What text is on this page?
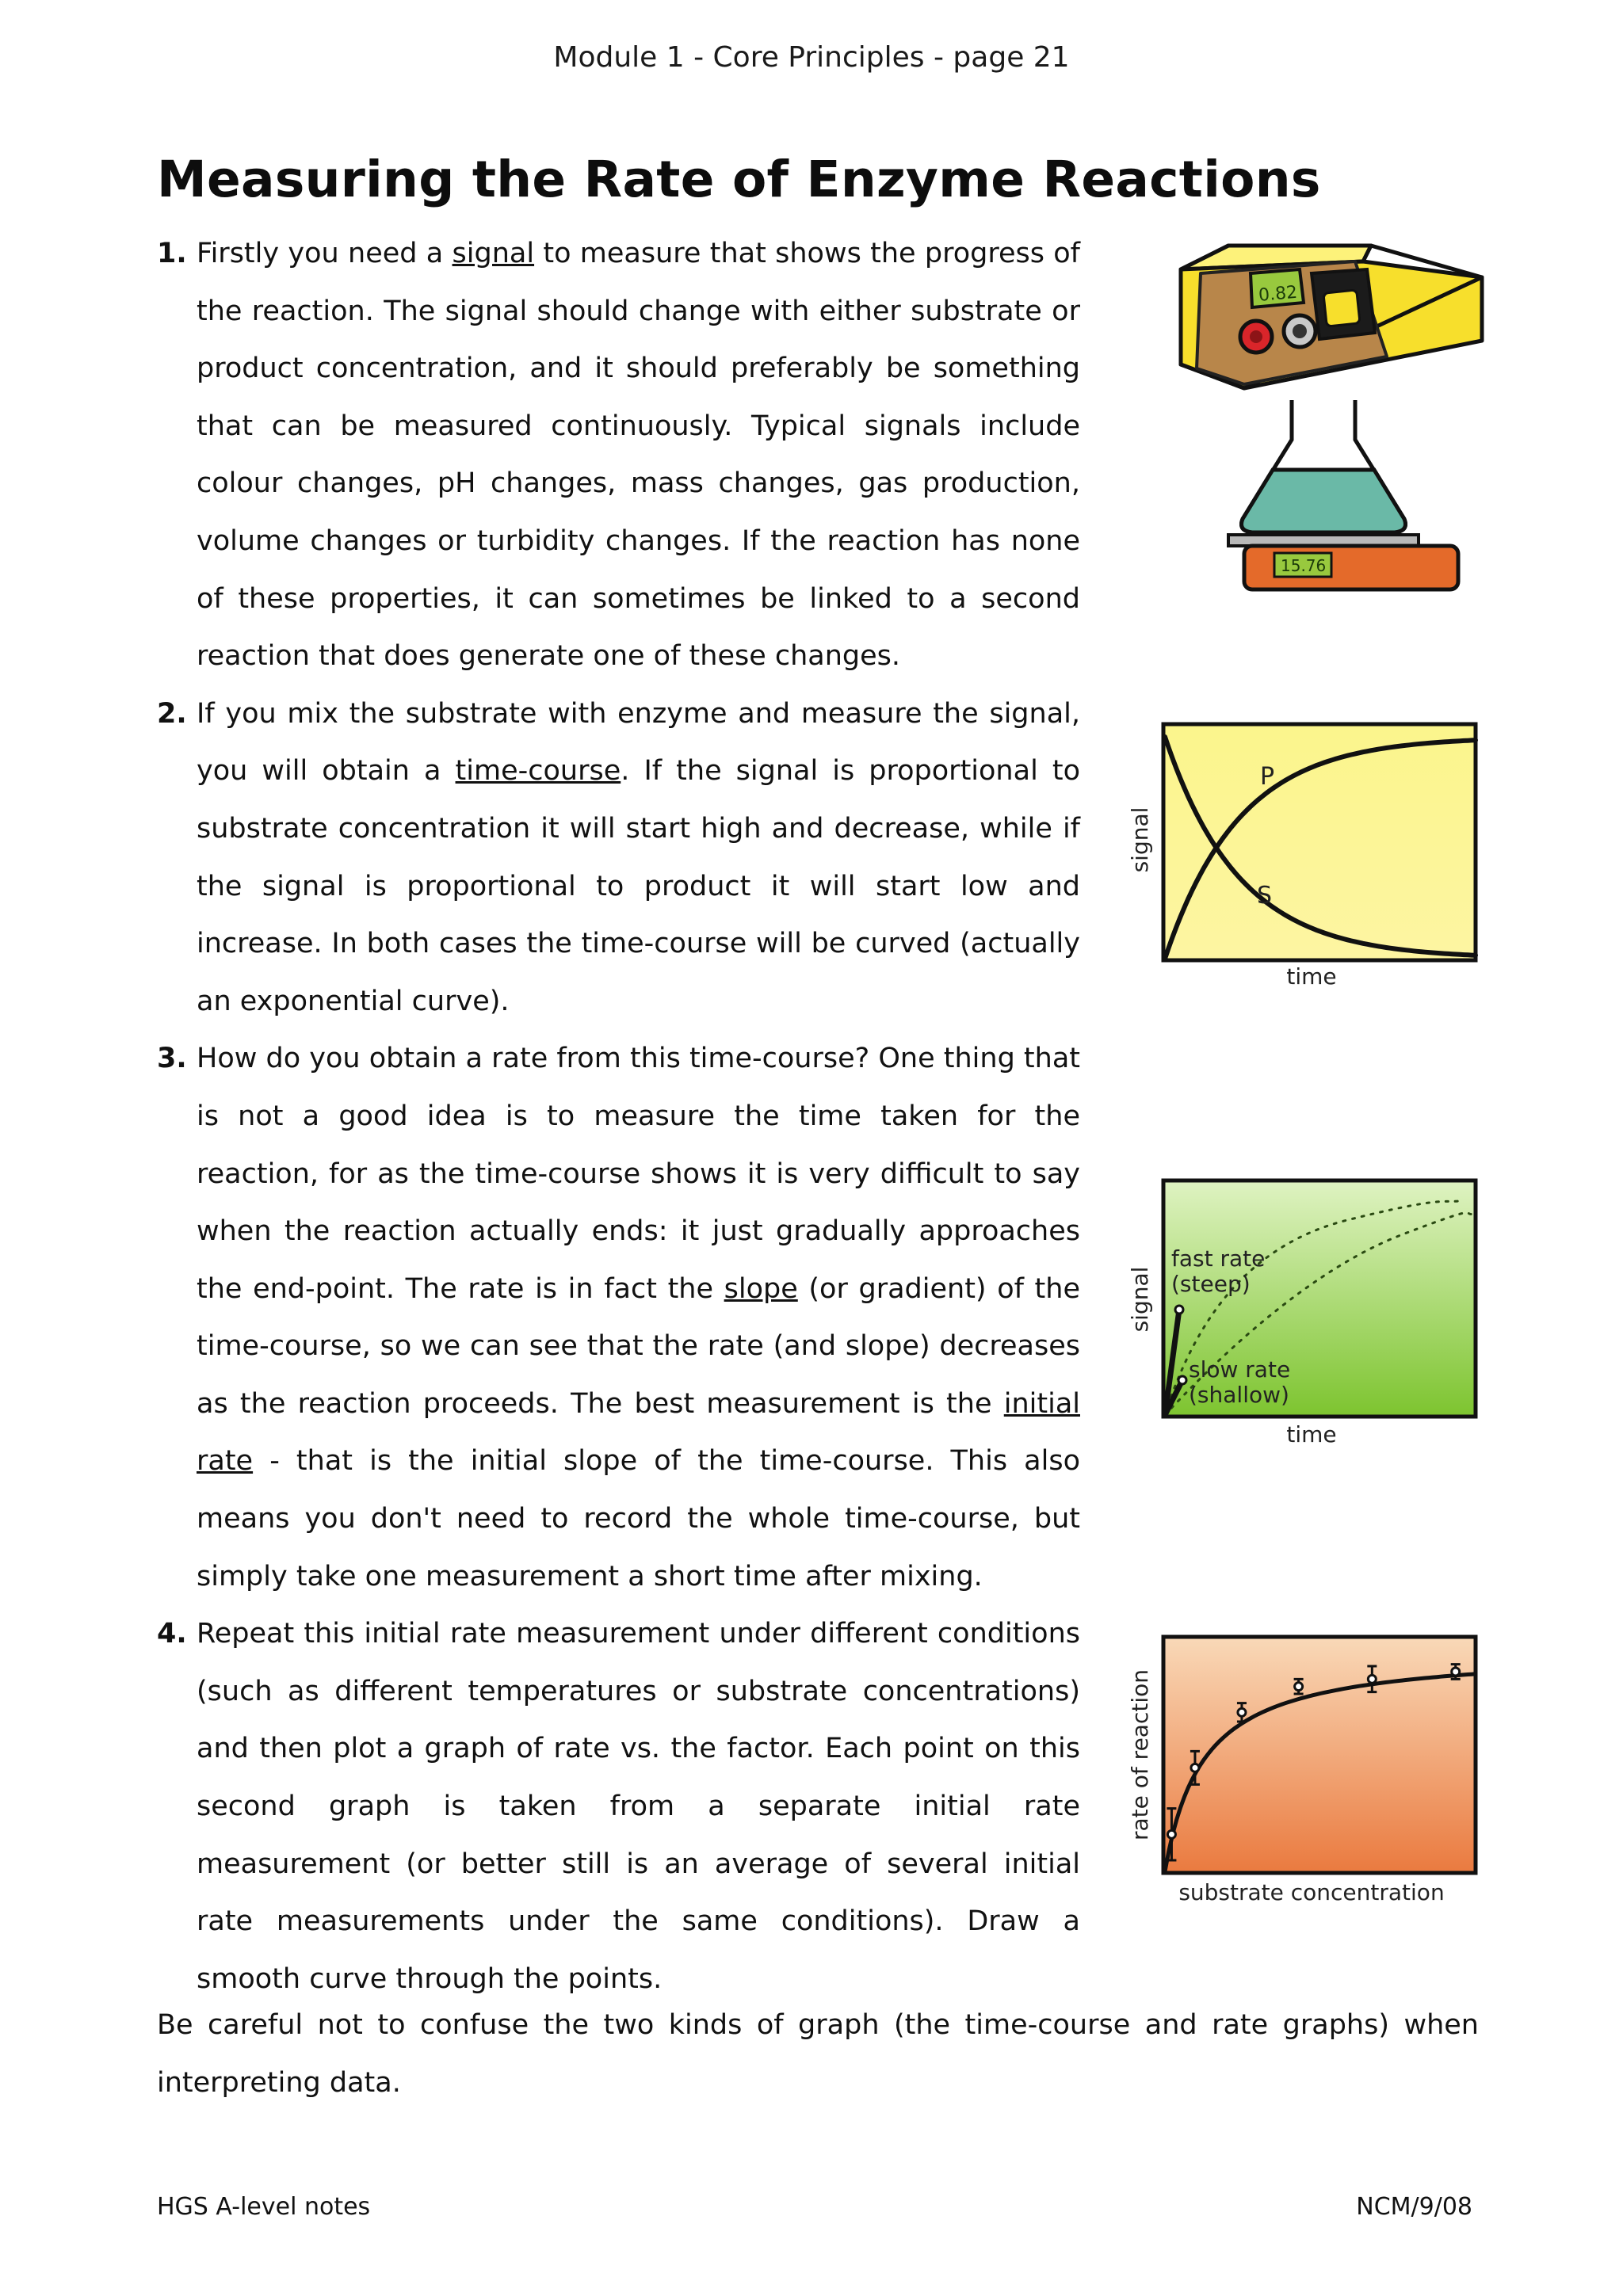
Module 1 - Core Principles - page 21
Measuring the Rate of Enzyme Reactions

1. Firstly you need a signal to measure that shows the progress of the reaction. The signal should change with either substrate or product concentration, and it should preferably be something that can be measured continuously. Typical signals include colour changes, pH changes, mass changes, gas production, volume changes or turbidity changes. If the reaction has none of these properties, it can sometimes be linked to a second reaction that does generate one of these changes.

2. If you mix the substrate with enzyme and measure the signal, you will obtain a time-course. If the signal is proportional to substrate concentration it will start high and decrease, while if the signal is proportional to product it will start low and increase. In both cases the time-course will be curved (actually an exponential curve).

3. How do you obtain a rate from this time-course? One thing that is not a good idea is to measure the time taken for the reaction, for as the time-course shows it is very difficult to say when the reaction actually ends: it just gradually approaches the end-point. The rate is in fact the slope (or gradient) of the time-course, so we can see that the rate (and slope) decreases as the reaction proceeds. The best measurement is the initial rate - that is the initial slope of the time-course. This also means you don't need to record the whole time-course, but simply take one measurement a short time after mixing.

4. Repeat this initial rate measurement under different conditions (such as different temperatures or substrate concentrations) and then plot a graph of rate vs. the factor. Each point on this second graph is taken from a separate initial rate measurement (or better still is an average of several initial rate measurements under the same conditions). Draw a smooth curve through the points.

Be careful not to confuse the two kinds of graph (the time-course and rate graphs) when interpreting data.

HGS A-level notes	NCM/9/08
0.82
15.76
P
S
time
signal
fast rate
(steep)
slow rate
(shallow)
time
signal
substrate concentration
rate of reaction
